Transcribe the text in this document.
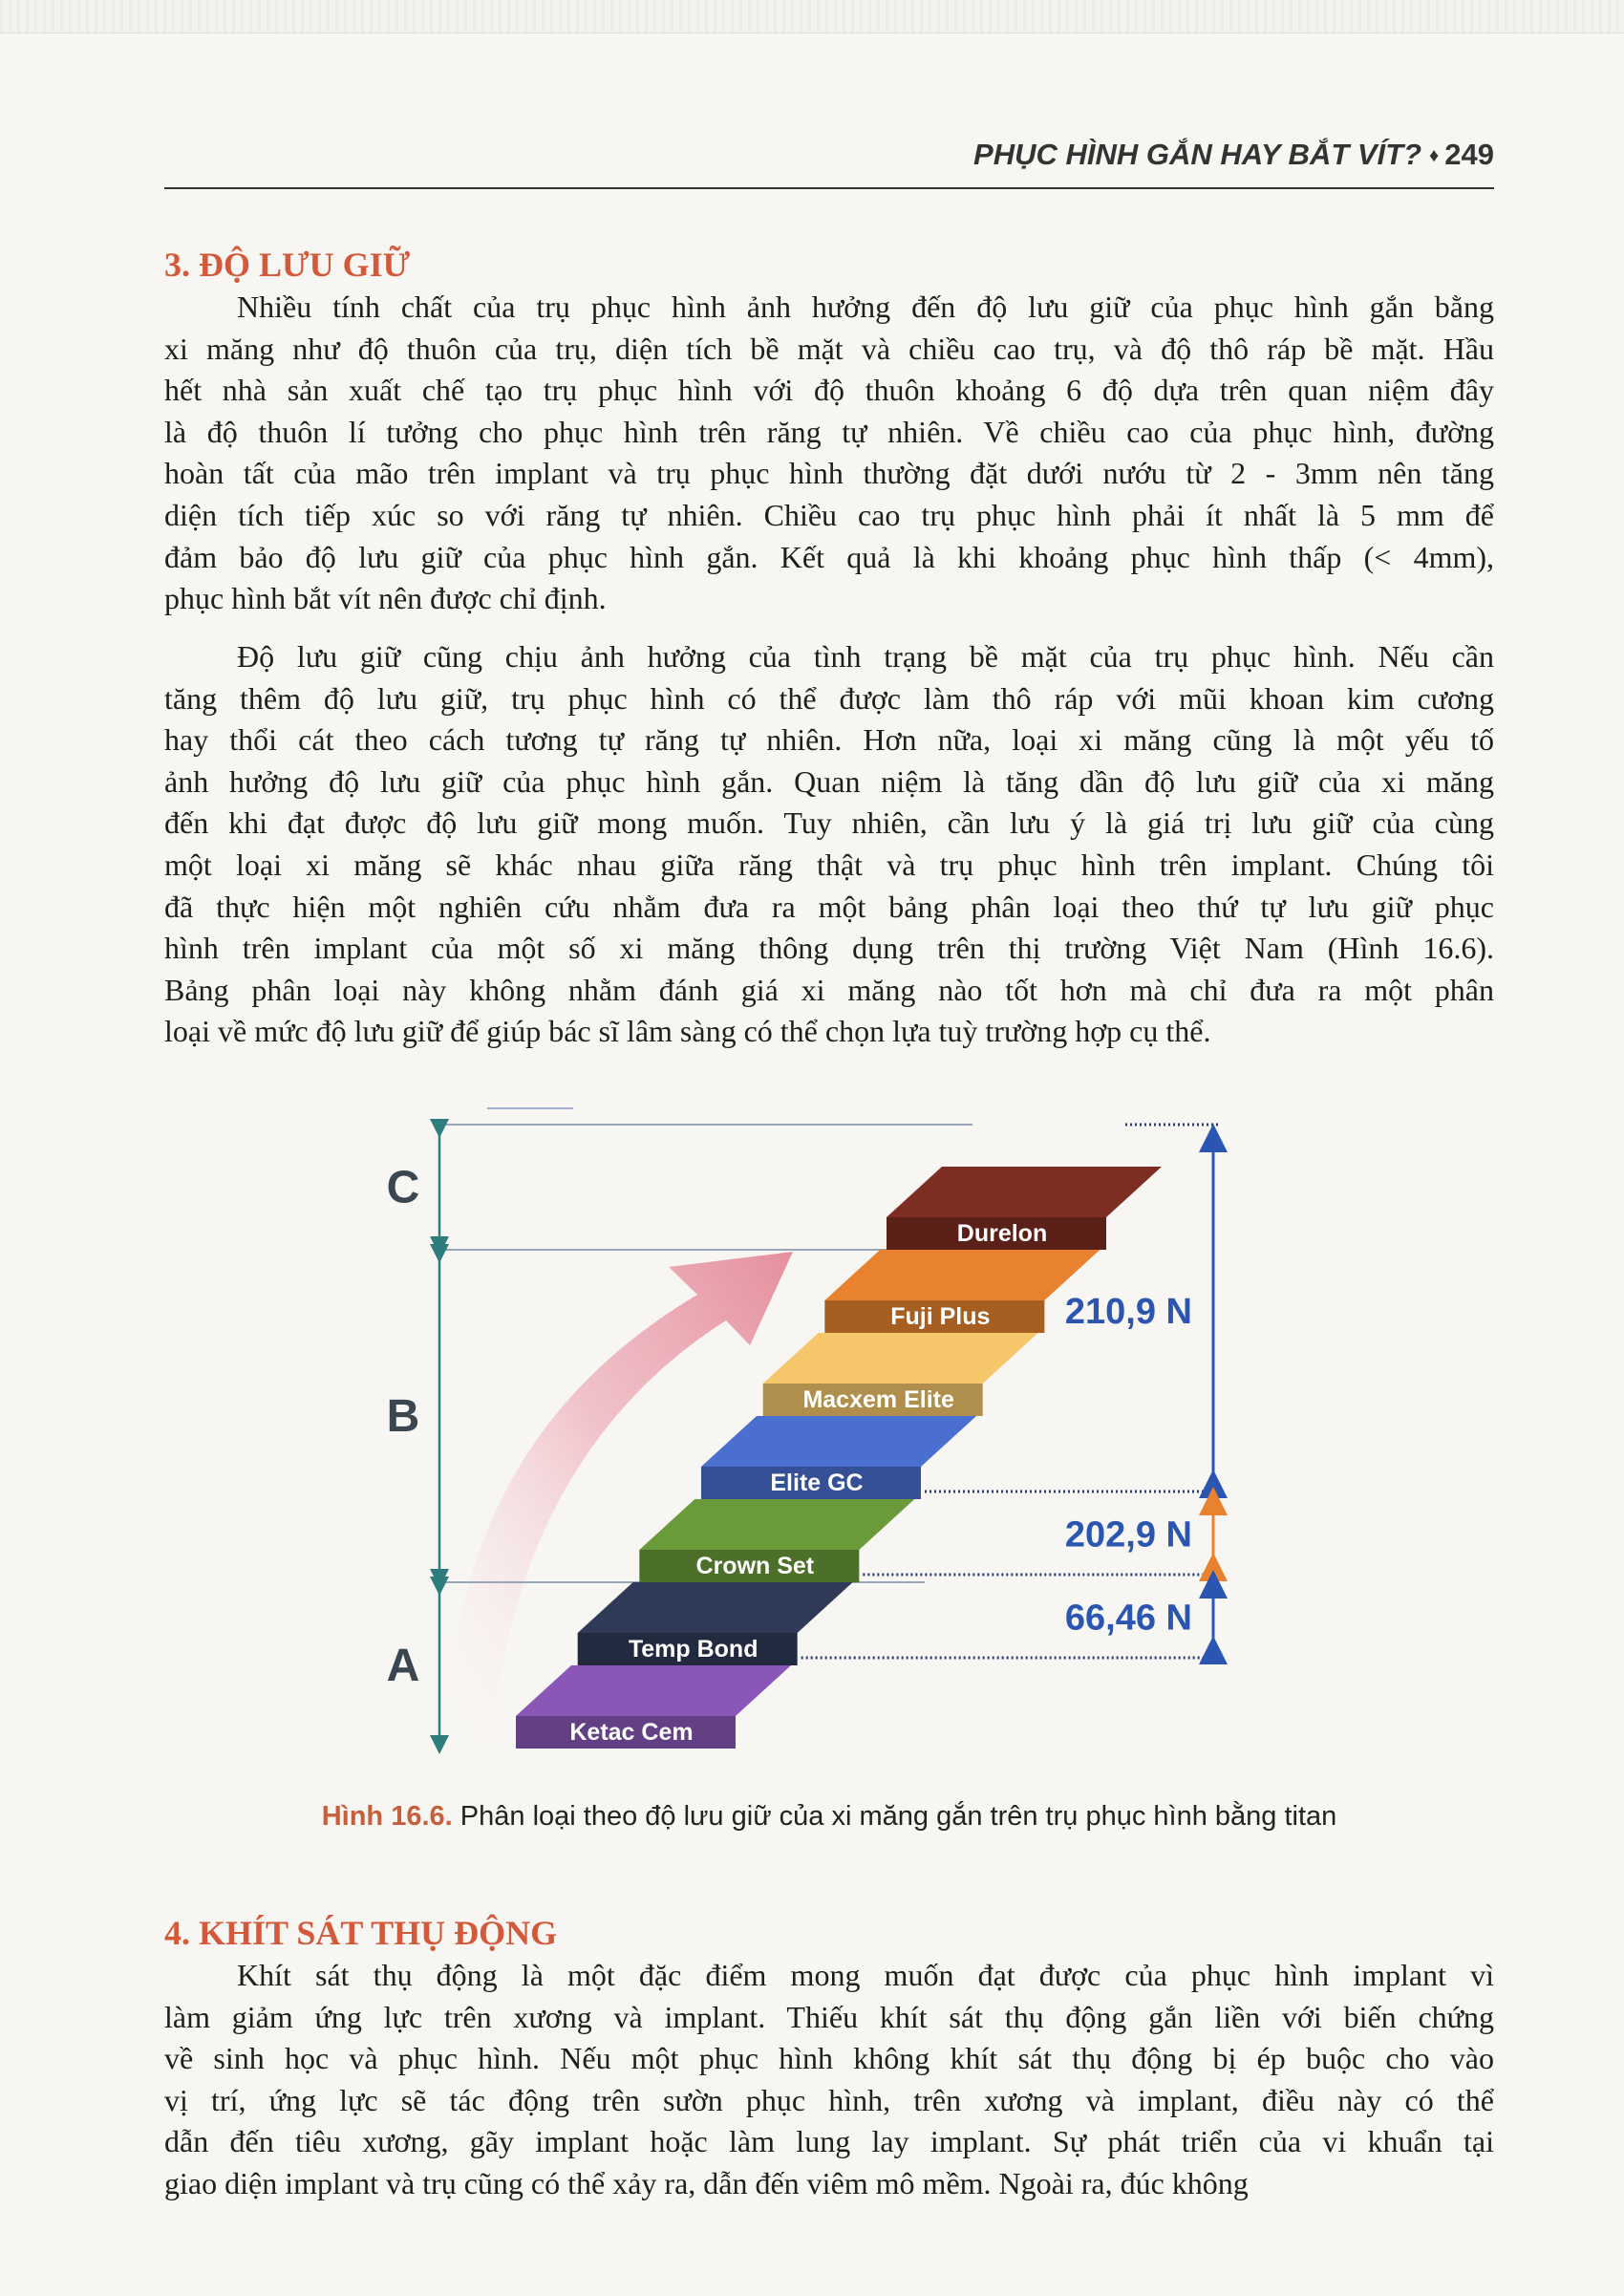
PHỤC HÌNH GẮN HAY BẮT VÍT? ♦ 249
3. ĐỘ LƯU GIỮ
Nhiều tính chất của trụ phục hình ảnh hưởng đến độ lưu giữ của phục hình gắn bằng
xi măng như độ thuôn của trụ, diện tích bề mặt và chiều cao trụ, và độ thô ráp bề mặt. Hầu
hết nhà sản xuất chế tạo trụ phục hình với độ thuôn khoảng 6 độ dựa trên quan niệm đây
là độ thuôn lí tưởng cho phục hình trên răng tự nhiên. Về chiều cao của phục hình, đường
hoàn tất của mão trên implant và trụ phục hình thường đặt dưới nướu từ 2 - 3mm nên tăng
diện tích tiếp xúc so với răng tự nhiên. Chiều cao trụ phục hình phải ít nhất là 5 mm để
đảm bảo độ lưu giữ của phục hình gắn. Kết quả là khi khoảng phục hình thấp (< 4mm),
phục hình bắt vít nên được chỉ định.
Độ lưu giữ cũng chịu ảnh hưởng của tình trạng bề mặt của trụ phục hình. Nếu cần
tăng thêm độ lưu giữ, trụ phục hình có thể được làm thô ráp với mũi khoan kim cương
hay thổi cát theo cách tương tự răng tự nhiên. Hơn nữa, loại xi măng cũng là một yếu tố
ảnh hưởng độ lưu giữ của phục hình gắn. Quan niệm là tăng dần độ lưu giữ của xi măng
đến khi đạt được độ lưu giữ mong muốn. Tuy nhiên, cần lưu ý là giá trị lưu giữ của cùng
một loại xi măng sẽ khác nhau giữa răng thật và trụ phục hình trên implant. Chúng tôi
đã thực hiện một nghiên cứu nhằm đưa ra một bảng phân loại theo thứ tự lưu giữ phục
hình trên implant của một số xi măng thông dụng trên thị trường Việt Nam (Hình 16.6).
Bảng phân loại này không nhằm đánh giá xi măng nào tốt hơn mà chỉ đưa ra một phân
loại về mức độ lưu giữ để giúp bác sĩ lâm sàng có thể chọn lựa tuỳ trường hợp cụ thể.
Ketac Cem
Temp Bond
Crown Set
Elite GC
Macxem Elite
Fuji Plus
Durelon
C
B
A
210,9 N
202,9 N
66,46 N
Hình 16.6. Phân loại theo độ lưu giữ của xi măng gắn trên trụ phục hình bằng titan
4. KHÍT SÁT THỤ ĐỘNG
Khít sát thụ động là một đặc điểm mong muốn đạt được của phục hình implant vì
làm giảm ứng lực trên xương và implant. Thiếu khít sát thụ động gắn liền với biến chứng
về sinh học và phục hình. Nếu một phục hình không khít sát thụ động bị ép buộc cho vào
vị trí, ứng lực sẽ tác động trên sườn phục hình, trên xương và implant, điều này có thể
dẫn đến tiêu xương, gãy implant hoặc làm lung lay implant. Sự phát triển của vi khuẩn tại
giao diện implant và trụ cũng có thể xảy ra, dẫn đến viêm mô mềm. Ngoài ra, đúc không
